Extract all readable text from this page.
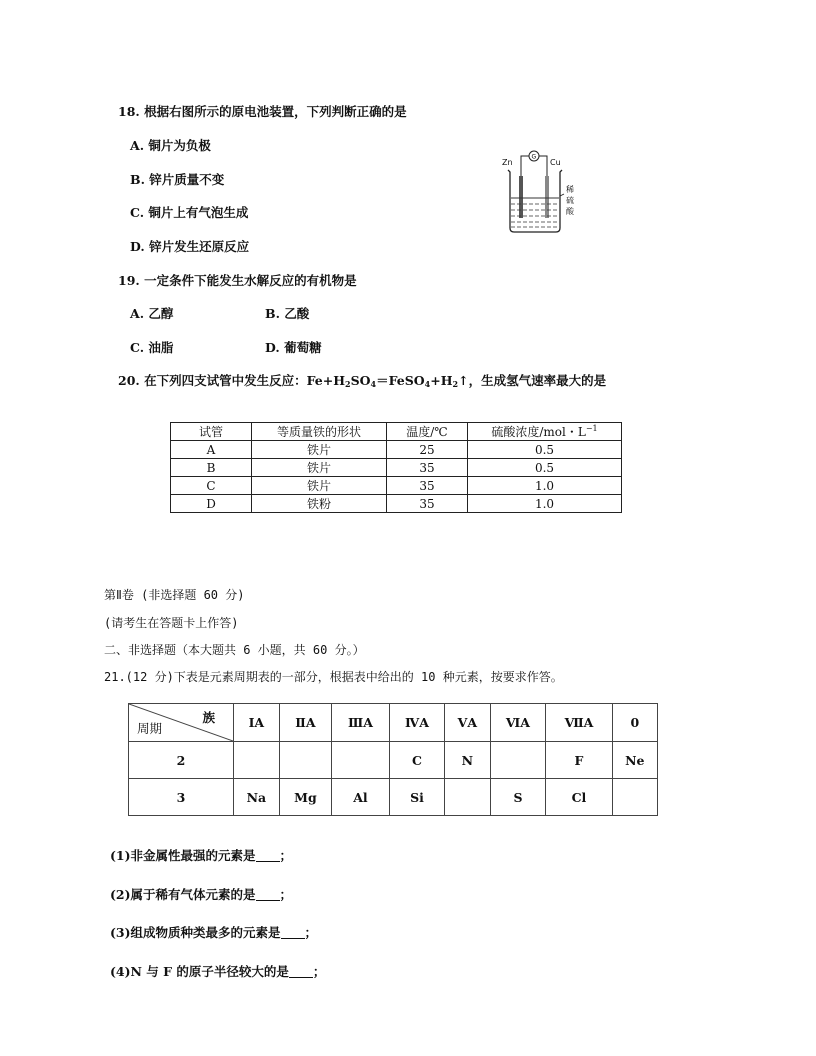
18. 根据右图所示的原电池装置，下列判断正确的是
A. 铜片为负极
B. 锌片质量不变
C. 铜片上有气泡生成
D. 锌片发生还原反应
G
Zn	Cu
稀
硫
酸
19. 一定条件下能发生水解反应的有机物是
A. 乙醇	B. 乙酸
C. 油脂	D. 葡萄糖
20. 在下列四支试管中发生反应：$Fe+H_2SO_4=FeSO_4+H_2↑$，生成氢气速率最大的是
试管	等质量铁的形状	温度/℃	硫酸浓度/mol・$L^{-1}$
A	铁片	25	0.5
B	铁片	35	0.5
C	铁片	35	1.0
D	铁粉	35	1.0
第Ⅱ卷 (非选择题 60 分)
(请考生在答题卡上作答)
二、非选择题（本大题共 6 小题，共 60 分。）
21.(12 分)下表是元素周期表的一部分，根据表中给出的 10 种元素，按要求作答。
族
周期	ⅠA	ⅡA	ⅢA	ⅣA	ⅤA	ⅥA	ⅦA	0
2				C	N		F	Ne
3	Na	Mg	Al	Si		S	Cl	
(1)非金属性最强的元素是 ；
(2)属于稀有气体元素的是 ；
(3)组成物质种类最多的元素是 ；
(4)N 与 F 的原子半径较大的是 ；
